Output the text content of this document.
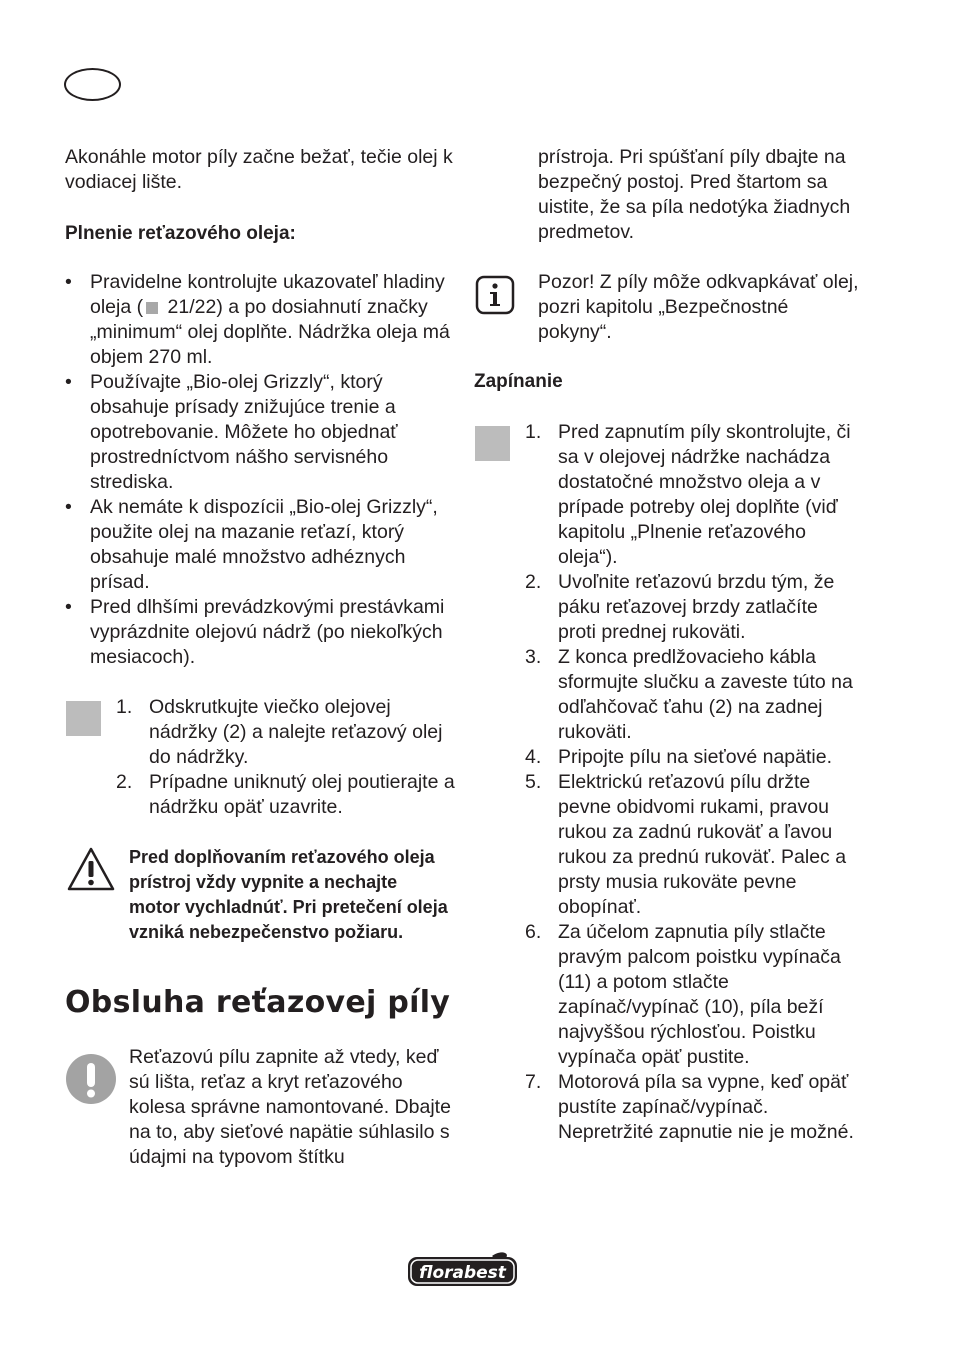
Akonáhle motor píly začne bežať, tečie olej k vodiacej lište.

Plnenie reťazového oleja:

• Pravidelne kontrolujte ukazovateľ hladiny oleja ( 21/22) a po dosiahnutí značky „minimum“ olej doplňte. Nádržka oleja má objem 270 ml.
• Používajte „Bio-olej Grizzly“, ktorý obsahuje prísady znižujúce trenie a opotrebovanie. Môžete ho objednať prostredníctvom nášho servisného strediska.
• Ak nemáte k dispozícii „Bio-olej Grizzly“, použite olej na mazanie reťazí, ktorý obsahuje malé množstvo adhéznych prísad.
• Pred dlhšími prevádzkovými prestávkami vyprázdnite olejovú nádrž (po niekoľkých mesiacoch).
1. Odskrutkujte viečko olejovej nádržky (2) a nalejte reťazový olej do nádržky.
2. Prípadne uniknutý olej poutierajte a nádržku opäť uzavrite.

Pred doplňovaním reťazového oleja prístroj vždy vypnite a nechajte motor vychladnúť. Pri pretečení oleja vzniká nebezpečenstvo požiaru.

Obsluha reťazovej píly

Reťazovú pílu zapnite až vtedy, keď sú lišta, reťaz a kryt reťazového kolesa správne namontované. Dbajte na to, aby sieťové napätie súhlasilo s údajmi na typovom štítku

prístroja. Pri spúšťaní píly dbajte na bezpečný postoj. Pred štartom sa uistite, že sa píla nedotýka žiadnych predmetov.

Pozor! Z píly môže odkvapkávať olej, pozri kapitolu „Bezpečnostné pokyny“.

Zapínanie

1. Pred zapnutím píly skontrolujte, či sa v olejovej nádržke nachádza dostatočné množstvo oleja a v prípade potreby olej doplňte (viď kapitolu „Plnenie reťazového oleja“).
2. Uvoľnite reťazovú brzdu tým, že páku reťazovej brzdy zatlačíte proti prednej rukoväti.
3. Z konca predlžovacieho kábla sformujte slučku a zaveste túto na odľahčovač ťahu (2) na zadnej rukoväti.
4. Pripojte pílu na sieťové napätie.
5. Elektrickú reťazovú pílu držte pevne obidvomi rukami, pravou rukou za zadnú rukoväť a ľavou rukou za prednú rukoväť. Palec a prsty musia rukoväte pevne obopínať.
6. Za účelom zapnutia píly stlačte pravým palcom poistku vypínača (11) a potom stlačte zapínač/vypínač (10), píla beží najvyššou rýchlosťou. Poistku vypínača opäť pustite.
7. Motorová píla sa vypne, keď opäť pustíte zapínač/vypínač. Nepretržité zapnutie nie je možné.
florabest
